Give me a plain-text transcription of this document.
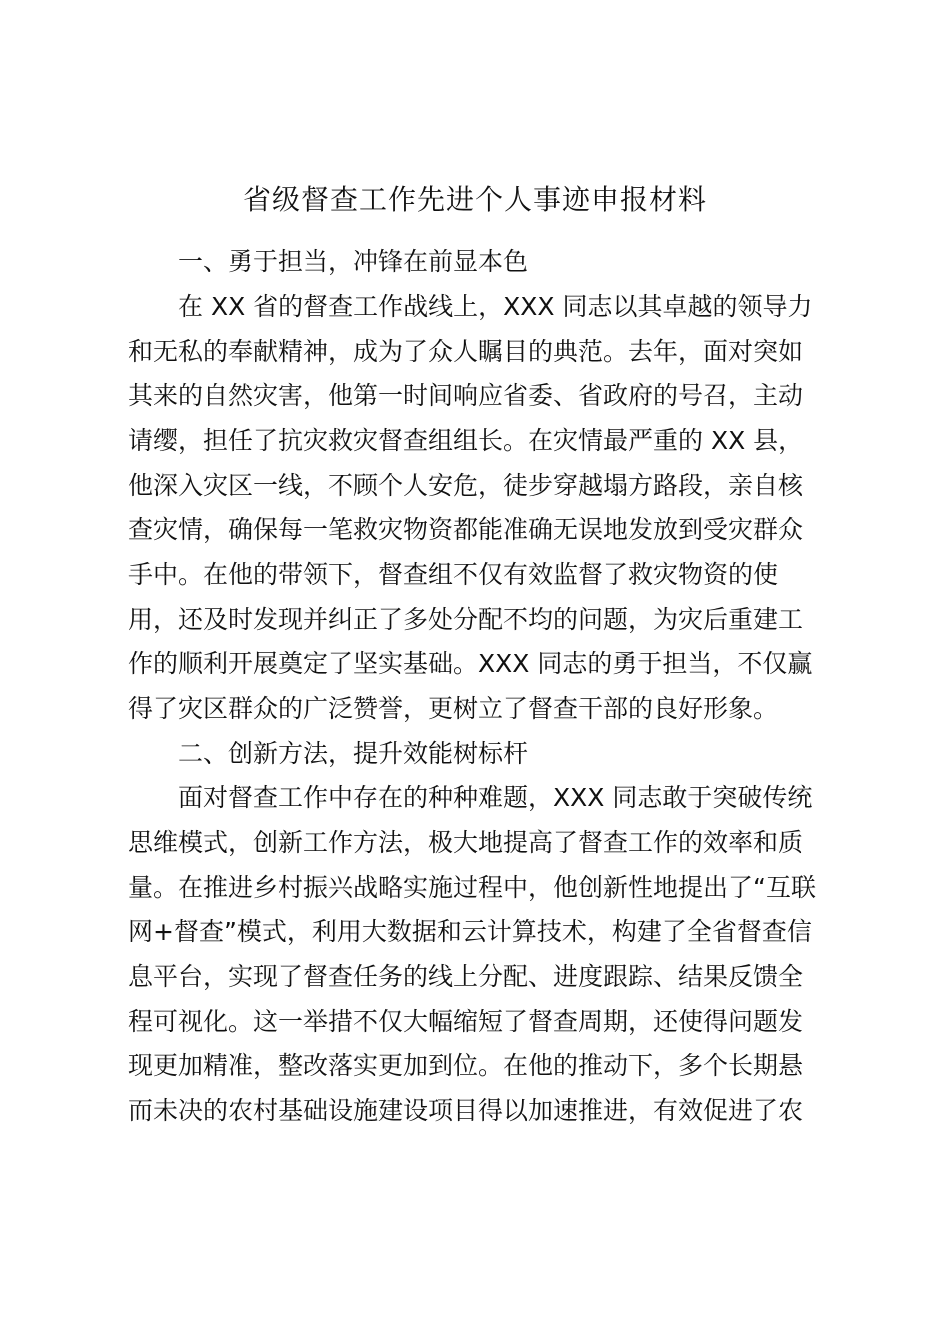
省级督查工作先进个人事迹申报材料
一、勇于担当，冲锋在前显本色
在 XX 省的督查工作战线上，XXX 同志以其卓越的领导力
和无私的奉献精神，成为了众人瞩目的典范。去年，面对突如
其来的自然灾害，他第一时间响应省委、省政府的号召，主动
请缨，担任了抗灾救灾督查组组长。在灾情最严重的 XX 县，
他深入灾区一线，不顾个人安危，徒步穿越塌方路段，亲自核
查灾情，确保每一笔救灾物资都能准确无误地发放到受灾群众
手中。在他的带领下，督查组不仅有效监督了救灾物资的使
用，还及时发现并纠正了多处分配不均的问题，为灾后重建工
作的顺利开展奠定了坚实基础。XXX 同志的勇于担当，不仅赢
得了灾区群众的广泛赞誉，更树立了督查干部的良好形象。
二、创新方法，提升效能树标杆
面对督查工作中存在的种种难题，XXX 同志敢于突破传统
思维模式，创新工作方法，极大地提高了督查工作的效率和质
量。在推进乡村振兴战略实施过程中，他创新性地提出了“互联
网+督查”模式，利用大数据和云计算技术，构建了全省督查信
息平台，实现了督查任务的线上分配、进度跟踪、结果反馈全
程可视化。这一举措不仅大幅缩短了督查周期，还使得问题发
现更加精准，整改落实更加到位。在他的推动下，多个长期悬
而未决的农村基础设施建设项目得以加速推进，有效促进了农
